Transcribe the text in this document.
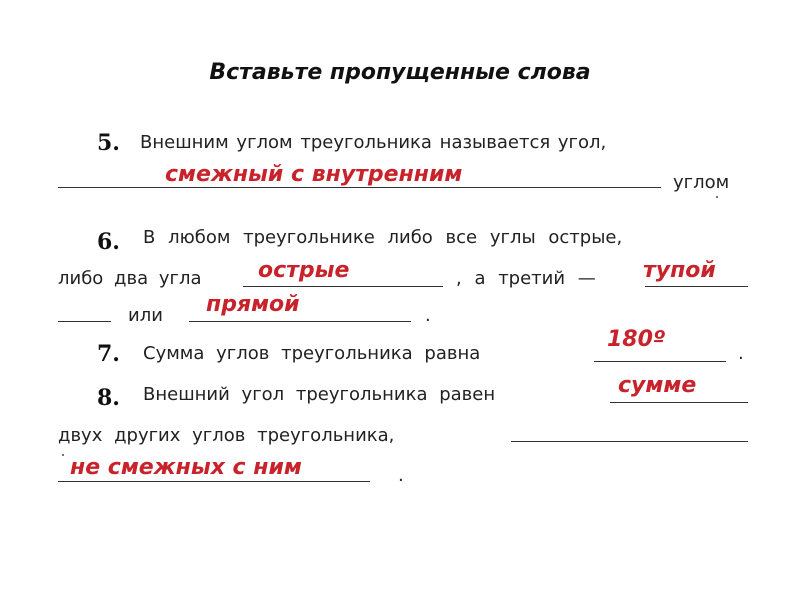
Вставьте пропущенные слова
5. Внешним углом треугольника называется угол,
смежный с внутренним	углом
6. В любом треугольнике либо все углы острые,
либо два угла	острые	, а третий — тупой
или прямой	.
7. Сумма углов треугольника равна
180º
.
8. Внешний угол треугольника равен	сумме
двух других углов треугольника,
не смежных с ним	.
